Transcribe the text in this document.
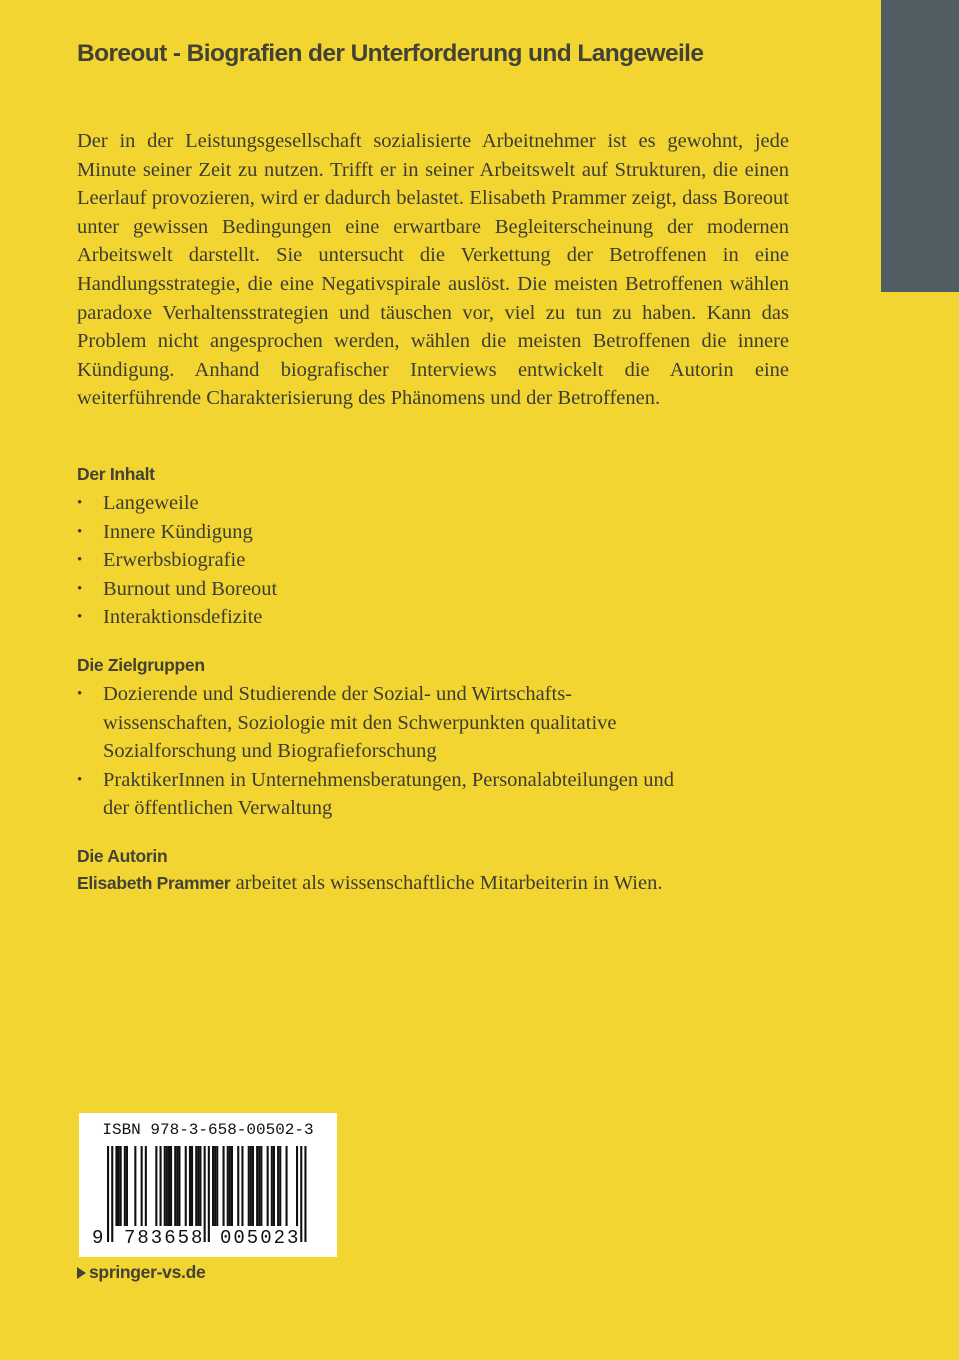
Boreout - Biografien der Unterforderung und Langeweile

Der in der Leistungsgesellschaft sozialisierte Arbeitnehmer ist es gewohnt, jede Minute seiner Zeit zu nutzen. Trifft er in seiner Arbeitswelt auf Strukturen, die einen Leerlauf provozieren, wird er dadurch belastet. Elisabeth Prammer zeigt, dass Boreout unter gewissen Bedingungen eine erwartbare Begleiterscheinung der modernen Arbeitswelt darstellt. Sie untersucht die Verkettung der Betroffenen in eine Handlungsstrategie, die eine Negativspirale auslöst. Die meisten Betroffenen wählen paradoxe Verhaltensstrategien und täuschen vor, viel zu tun zu haben. Kann das Problem nicht angesprochen werden, wählen die meisten Betroffenen die innere Kündigung. Anhand biografischer Interviews entwickelt die Autorin eine weiterführende Charakterisierung des Phänomens und der Betroffenen.

Der Inhalt
• Langeweile
• Innere Kündigung
• Erwerbsbiografie
• Burnout und Boreout
• Interaktionsdefizite
Die Zielgruppen
• Dozierende und Studierende der Sozial- und Wirtschafts-
wissenschaften, Soziologie mit den Schwerpunkten qualitative
Sozialforschung und Biografieforschung
• PraktikerInnen in Unternehmensberatungen, Personalabteilungen und
der öffentlichen Verwaltung
Die Autorin
Elisabeth Prammer arbeitet als wissenschaftliche Mitarbeiterin in Wien.
ISBN 978-3-658-00502-3
9 783658 005023
springer-vs.de
